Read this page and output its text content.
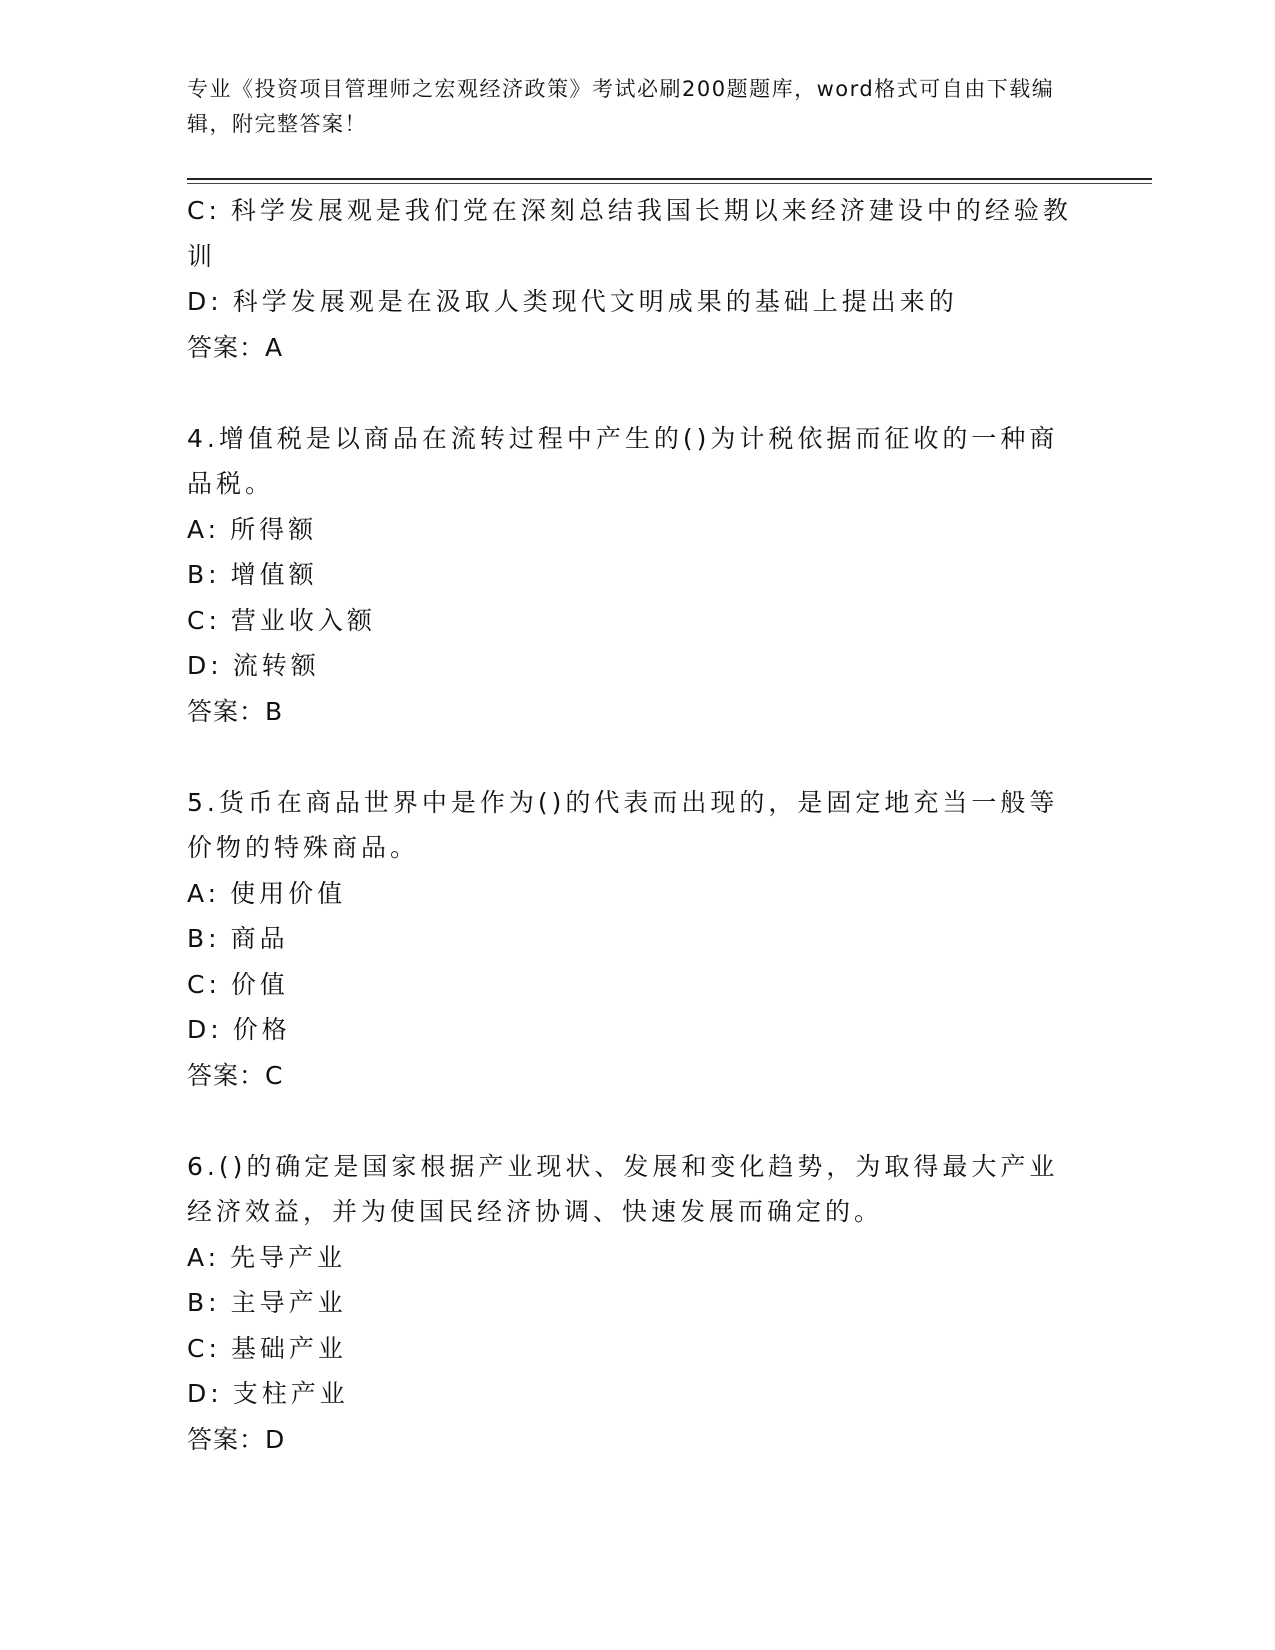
专业《投资项目管理师之宏观经济政策》考试必刷200题题库，word格式可自由下载编辑，附完整答案！
C: 科学发展观是我们党在深刻总结我国长期以来经济建设中的经验教训
D: 科学发展观是在汲取人类现代文明成果的基础上提出来的
答案：A
4.增值税是以商品在流转过程中产生的()为计税依据而征收的一种商品税。
A: 所得额
B: 增值额
C: 营业收入额
D: 流转额
答案：B
5.货币在商品世界中是作为()的代表而出现的，是固定地充当一般等价物的特殊商品。
A: 使用价值
B: 商品
C: 价值
D: 价格
答案：C
6.()的确定是国家根据产业现状、发展和变化趋势，为取得最大产业经济效益，并为使国民经济协调、快速发展而确定的。
A: 先导产业
B: 主导产业
C: 基础产业
D: 支柱产业
答案：D
